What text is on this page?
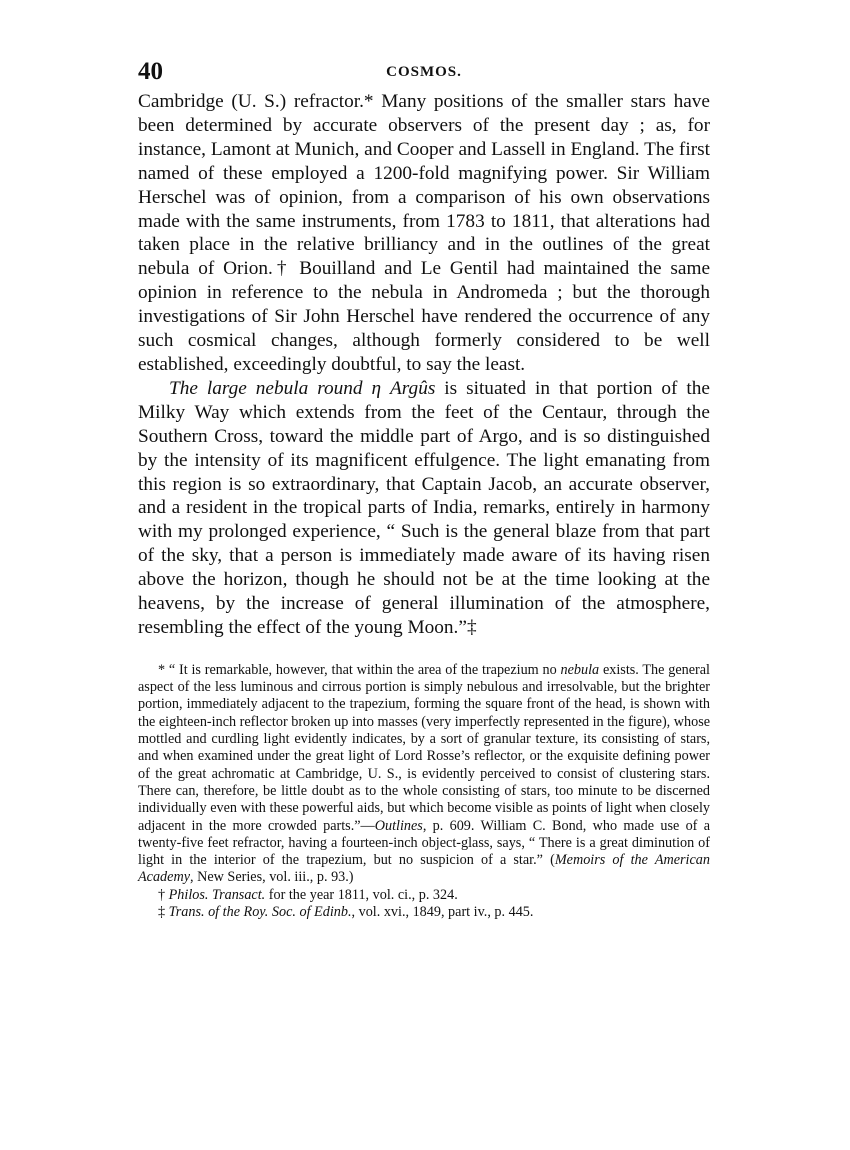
40	COSMOS.

Cambridge (U. S.) refractor.* Many positions of the smaller stars have been determined by accurate observers of the present day ; as, for instance, Lamont at Munich, and Cooper and Lassell in England. The first named of these employed a 1200-fold magnifying power. Sir William Herschel was of opinion, from a comparison of his own observations made with the same instruments, from 1783 to 1811, that alterations had taken place in the relative brilliancy and in the outlines of the great nebula of Orion.† Bouilland and Le Gentil had maintained the same opinion in reference to the nebula in Andromeda ; but the thorough investigations of Sir John Herschel have rendered the occurrence of any such cosmical changes, although formerly considered to be well established, exceedingly doubtful, to say the least.

The large nebula round η Argûs is situated in that portion of the Milky Way which extends from the feet of the Centaur, through the Southern Cross, toward the middle part of Argo, and is so distinguished by the intensity of its magnificent effulgence. The light emanating from this region is so extraordinary, that Captain Jacob, an accurate observer, and a resident in the tropical parts of India, remarks, entirely in harmony with my prolonged experience, “ Such is the general blaze from that part of the sky, that a person is immediately made aware of its having risen above the horizon, though he should not be at the time looking at the heavens, by the increase of general illumination of the atmosphere, resembling the effect of the young Moon.”‡

* “ It is remarkable, however, that within the area of the trapezium no nebula exists. The general aspect of the less luminous and cirrous portion is simply nebulous and irresolvable, but the brighter portion, immediately adjacent to the trapezium, forming the square front of the head, is shown with the eighteen-inch reflector broken up into masses (very imperfectly represented in the figure), whose mottled and curdling light evidently indicates, by a sort of granular texture, its consisting of stars, and when examined under the great light of Lord Rosse’s reflector, or the exquisite defining power of the great achromatic at Cambridge, U. S., is evidently perceived to consist of clustering stars. There can, therefore, be little doubt as to the whole consisting of stars, too minute to be discerned individually even with these powerful aids, but which become visible as points of light when closely adjacent in the more crowded parts.”—Outlines, p. 609. William C. Bond, who made use of a twenty-five feet refractor, having a fourteen-inch object-glass, says, “ There is a great diminution of light in the interior of the trapezium, but no suspicion of a star.” (Memoirs of the American Academy, New Series, vol. iii., p. 93.)

† Philos. Transact. for the year 1811, vol. ci., p. 324.

‡ Trans. of the Roy. Soc. of Edinb., vol. xvi., 1849, part iv., p. 445.
